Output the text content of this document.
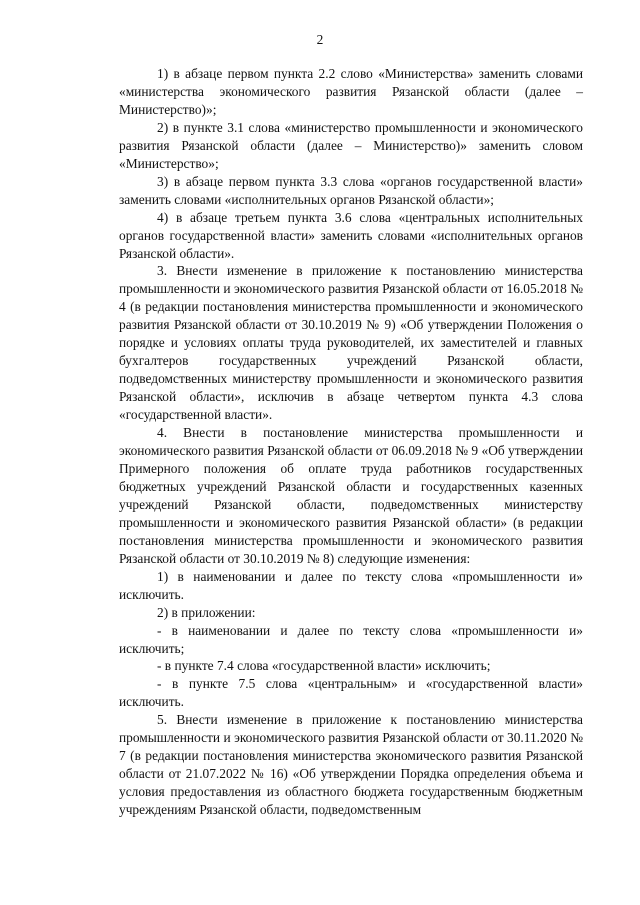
2

1) в абзаце первом пункта 2.2 слово «Министерства» заменить словами «министерства экономического развития Рязанской области (далее – Министерство)»;

2) в пункте 3.1 слова «министерство промышленности и экономического развития Рязанской области (далее – Министерство)» заменить словом «Министерство»;

3) в абзаце первом пункта 3.3 слова «органов государственной власти» заменить словами «исполнительных органов Рязанской области»;

4) в абзаце третьем пункта 3.6 слова «центральных исполнительных органов государственной власти» заменить словами «исполнительных органов Рязанской области».

3. Внести изменение в приложение к постановлению министерства промышленности и экономического развития Рязанской области от 16.05.2018 № 4 (в редакции постановления министерства промышленности и экономического развития Рязанской области от 30.10.2019 № 9) «Об утверждении Положения о порядке и условиях оплаты труда руководителей, их заместителей и главных бухгалтеров государственных учреждений Рязанской области, подведомственных министерству промышленности и экономического развития Рязанской области», исключив в абзаце четвертом пункта 4.3 слова «государственной власти».

4. Внести в постановление министерства промышленности и экономического развития Рязанской области от 06.09.2018 № 9 «Об утверждении Примерного положения об оплате труда работников государственных бюджетных учреждений Рязанской области и государственных казенных учреждений Рязанской области, подведомственных министерству промышленности и экономического развития Рязанской области» (в редакции постановления министерства промышленности и экономического развития Рязанской области от 30.10.2019 № 8) следующие изменения:

1) в наименовании и далее по тексту слова «промышленности и» исключить.

2) в приложении:

- в наименовании и далее по тексту слова «промышленности и» исключить;

- в пункте 7.4 слова «государственной власти» исключить;

- в пункте 7.5 слова «центральным» и «государственной власти» исключить.

5. Внести изменение в приложение к постановлению министерства промышленности и экономического развития Рязанской области от 30.11.2020 № 7 (в редакции постановления министерства экономического развития Рязанской области от 21.07.2022 № 16) «Об утверждении Порядка определения объема и условия предоставления из областного бюджета государственным бюджетным учреждениям Рязанской области, подведомственным
